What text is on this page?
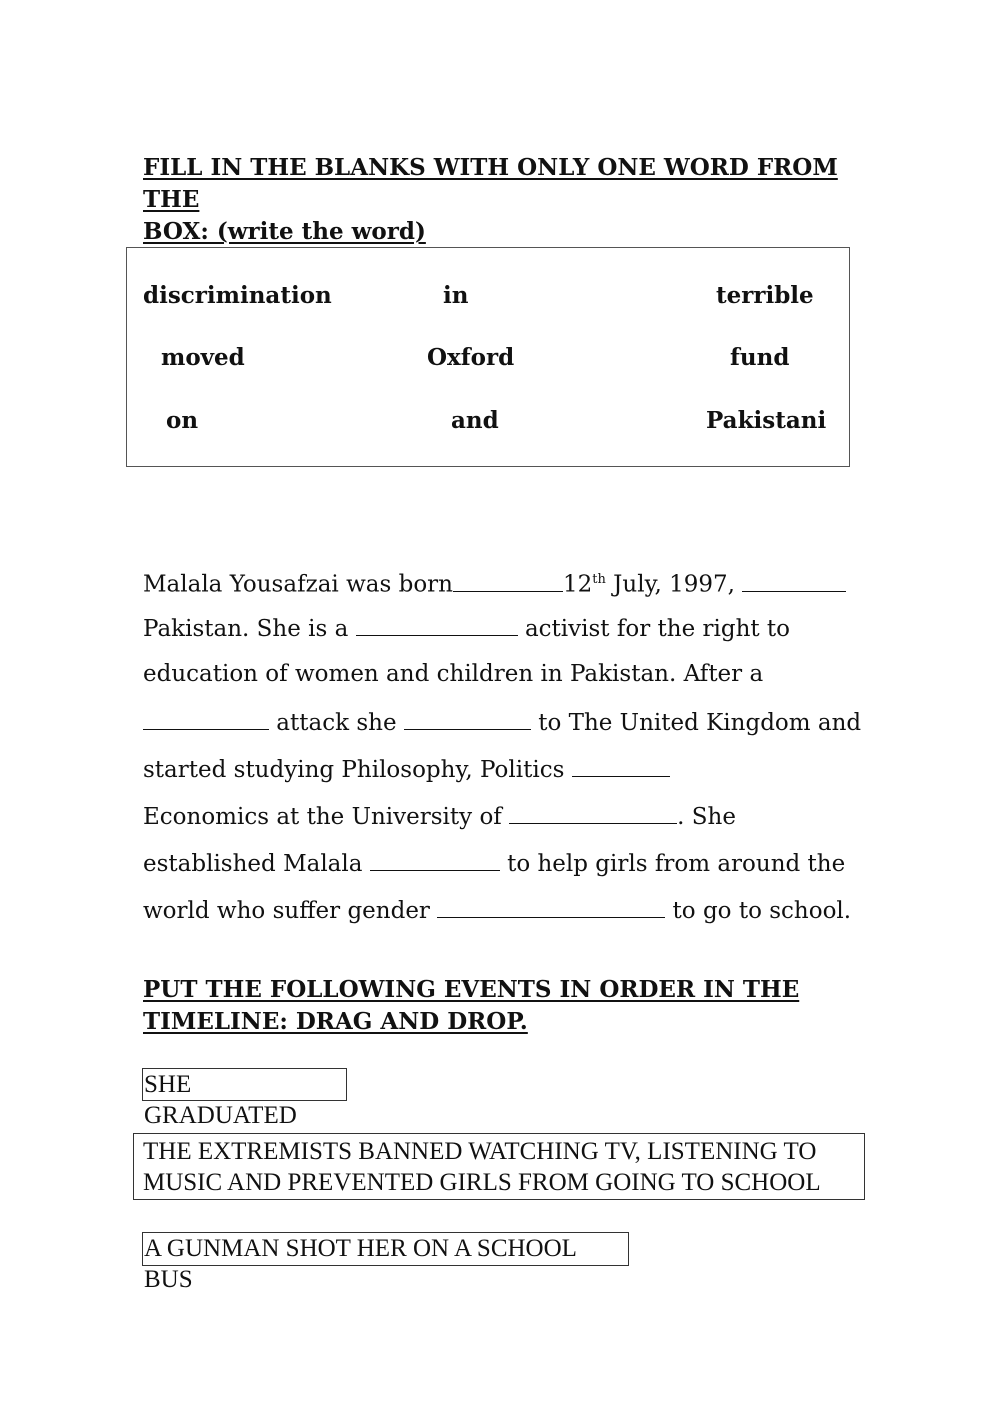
FILL IN THE BLANKS WITH ONLY ONE WORD FROM THE
BOX: (write the word)
discrimination	in	terrible
moved	Oxford	fund
on	and	Pakistani
Malala Yousafzai was born	12th July, 1997,
Pakistan. She is a	activist for the right to
education of women and children in Pakistan. After a
attack she	to The United Kingdom and
started studying Philosophy, Politics
Economics at the University of	. She
established Malala	to help girls from around the
world who suffer gender	to go to school.
PUT THE FOLLOWING EVENTS IN ORDER IN THE
TIMELINE: DRAG AND DROP.
SHE GRADUATED
THE EXTREMISTS BANNED WATCHING TV, LISTENING TO
MUSIC AND PREVENTED GIRLS FROM GOING TO SCHOOL
A GUNMAN SHOT HER ON A SCHOOL BUS
